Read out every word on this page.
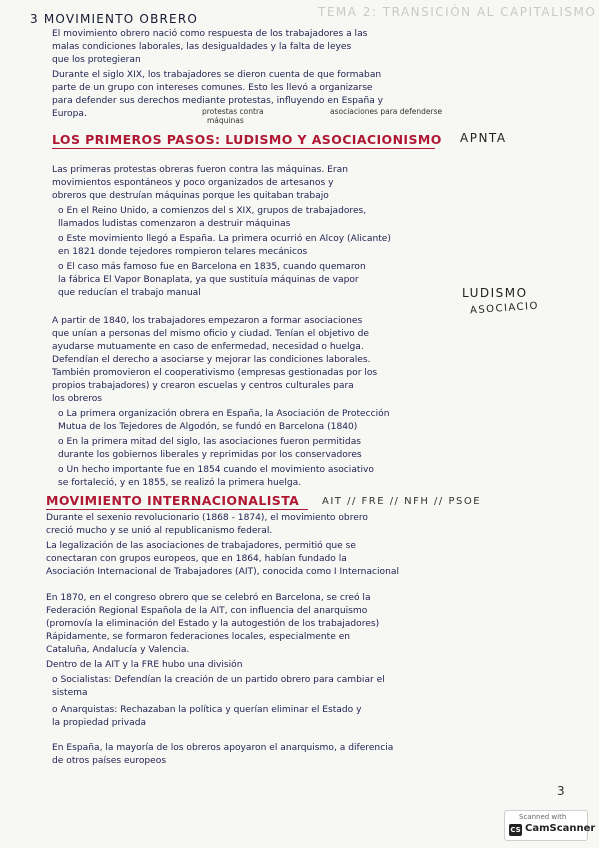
TEMA 2: TRANSICIÓN AL CAPITALISMO
3 MOVIMIENTO OBRERO
El movimiento obrero nació como respuesta de los trabajadores a las
malas condiciones laborales, las desigualdades y la falta de leyes
que los protegieran
Durante el siglo XIX, los trabajadores se dieron cuenta de que formaban
parte de un grupo con intereses comunes. Esto les llevó a organizarse
para defender sus derechos mediante protestas, influyendo en España y
Europa.	protestas contra
máquinas
asociaciones para defenderse
LOS PRIMEROS PASOS: LUDISMO Y ASOCIACIONISMO APNTA
Las primeras protestas obreras fueron contra las máquinas. Eran
movimientos espontáneos y poco organizados de artesanos y
obreros que destruían máquinas porque les quitaban trabajo
o En el Reino Unido, a comienzos del s XIX, grupos de trabajadores,
llamados ludistas comenzaron a destruir máquinas
o Este movimiento llegó a España. La primera ocurrió en Alcoy (Alicante)
en 1821 donde tejedores rompieron telares mecánicos
o El caso más famoso fue en Barcelona en 1835, cuando quemaron
la fábrica El Vapor Bonaplata, ya que sustituía máquinas de vapor
que reducían el trabajo manual	LUDISMO
ASOCIACIO
A partir de 1840, los trabajadores empezaron a formar asociaciones
que unían a personas del mismo oficio y ciudad. Tenían el objetivo de
ayudarse mutuamente en caso de enfermedad, necesidad o huelga.
Defendían el derecho a asociarse y mejorar las condiciones laborales.
También promovieron el cooperativismo (empresas gestionadas por los
propios trabajadores) y crearon escuelas y centros culturales para
los obreros
o La primera organización obrera en España, la Asociación de Protección
Mutua de los Tejedores de Algodón, se fundó en Barcelona (1840)
o En la primera mitad del siglo, las asociaciones fueron permitidas
durante los gobiernos liberales y reprimidas por los conservadores
o Un hecho importante fue en 1854 cuando el movimiento asociativo
se fortaleció, y en 1855, se realizó la primera huelga.
MOVIMIENTO INTERNACIONALISTA AIT // FRE // NFH // PSOE
Durante el sexenio revolucionario (1868 - 1874), el movimiento obrero
creció mucho y se unió al republicanismo federal.
La legalización de las asociaciones de trabajadores, permitió que se
conectaran con grupos europeos, que en 1864, habían fundado la
Asociación Internacional de Trabajadores (AIT), conocida como I Internacional
En 1870, en el congreso obrero que se celebró en Barcelona, se creó la
Federación Regional Española de la AIT, con influencia del anarquismo
(promovía la eliminación del Estado y la autogestión de los trabajadores)
Rápidamente, se formaron federaciones locales, especialmente en
Cataluña, Andalucía y Valencia.
Dentro de la AIT y la FRE hubo una división
o Socialistas: Defendían la creación de un partido obrero para cambiar el
sistema
o Anarquistas: Rechazaban la política y querían eliminar el Estado y
la propiedad privada
En España, la mayoría de los obreros apoyaron el anarquismo, a diferencia
de otros países europeos
3
Scanned with
CS CamScanner
